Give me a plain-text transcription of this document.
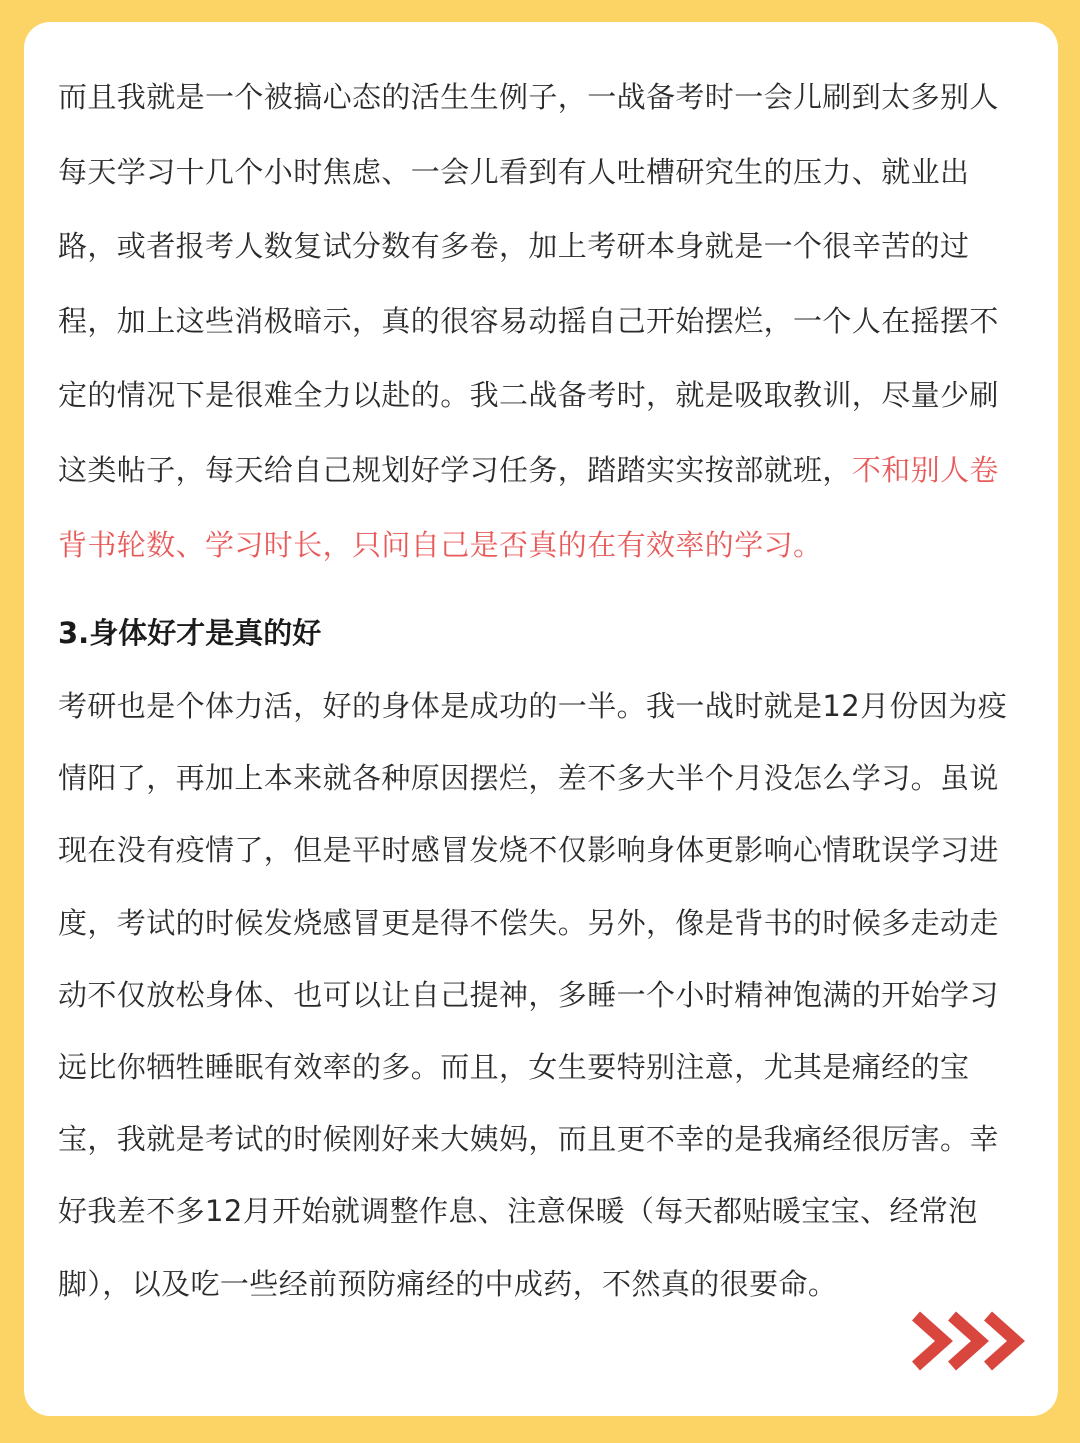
而且我就是一个被搞心态的活生生例子，一战备考时一会儿刷到太多别人
每天学习十几个小时焦虑、一会儿看到有人吐槽研究生的压力、就业出
路，或者报考人数复试分数有多卷，加上考研本身就是一个很辛苦的过
程，加上这些消极暗示，真的很容易动摇自己开始摆烂，一个人在摇摆不
定的情况下是很难全力以赴的。我二战备考时，就是吸取教训，尽量少刷
这类帖子，每天给自己规划好学习任务，踏踏实实按部就班，不和别人卷
背书轮数、学习时长，只问自己是否真的在有效率的学习。

3.身体好才是真的好

考研也是个体力活，好的身体是成功的一半。我一战时就是12月份因为疫
情阳了，再加上本来就各种原因摆烂，差不多大半个月没怎么学习。虽说
现在没有疫情了，但是平时感冒发烧不仅影响身体更影响心情耽误学习进
度，考试的时候发烧感冒更是得不偿失。另外，像是背书的时候多走动走
动不仅放松身体、也可以让自己提神，多睡一个小时精神饱满的开始学习
远比你牺牲睡眠有效率的多。而且，女生要特别注意，尤其是痛经的宝
宝，我就是考试的时候刚好来大姨妈，而且更不幸的是我痛经很厉害。幸
好我差不多12月开始就调整作息、注意保暖（每天都贴暖宝宝、经常泡
脚），以及吃一些经前预防痛经的中成药，不然真的很要命。
